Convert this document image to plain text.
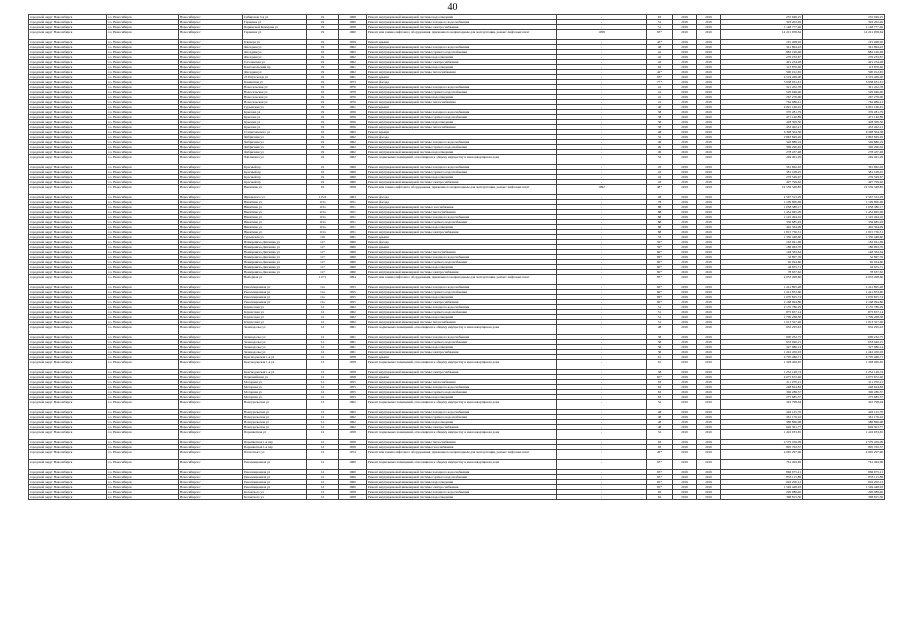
40
городской округ Новосибирск	г.о. Новосибирск	Новосибирск г	Сибирская 5-я ул	19	1968	Ремонт внутридомовой инженерной системы водоотведения	-	63	2019	2019	255 949,25	255 949,25
городской округ Новосибирск	г.о. Новосибирск	Новосибирск г	Гаранина ул	19	1960	Ремонт внутридомовой инженерной системы холодного водоснабжения	-	51	2019	2019	393 202,49	393 202,49
городской округ Новосибирск	г.о. Новосибирск	Новосибирск г	Парижской Коммуны ул	19	1958	Ремонт внутридомовой инженерной системы электроснабжения	-	51	2019	2019	1 148 777,46	1 148 777,46
городской округ Новосибирск	г.о. Новосибирск	Новосибирск г	Гаранина ул	19	1960	Ремонт или замена лифтового оборудования, признанного непригодным для эксплуатации, ремонт лифтовых шахт	1958	63*	2019	2019	14 221 958,64	14 221 958,64
городской округ Новосибирск	г.о. Новосибирск	Новосибирск г	Блюхера ул	19	1959	Ремонт крыши	-	43*	2019	2019	191 408,92	191 408,92
городской округ Новосибирск	г.о. Новосибирск	Новосибирск г	Фасадная ул	19	1962	Ремонт внутридомовой инженерной системы холодного водоснабжения	-	48	2019	2019	341 894,22	341 894,22
городской округ Новосибирск	г.о. Новосибирск	Новосибирск г	Фасадная ул	19	1962	Ремонт внутридомовой инженерной системы горячего водоснабжения	-	42	2019	2019	882 190,48	882 190,48
городской округ Новосибирск	г.о. Новосибирск	Новосибирск г	Фасадная ул	19	1962	Ремонт внутридомовой инженерной системы водоотведения	-	42	2019	2019	276 233,67	276 233,67
городской округ Новосибирск	г.о. Новосибирск	Новосибирск г	Гоголевская ул	19	1962	Ремонт внутридомовой инженерной системы электроснабжения	-	42	2019	2019	491 234,28	491 234,28
городской округ Новосибирск	г.о. Новосибирск	Новосибирск г	Комсомольский пр	19	1961	Ремонт внутридомовой инженерной системы водоотведения	-	63	2019	2019	113 876,40	113 876,40
городской округ Новосибирск	г.о. Новосибирск	Новосибирск г	Фасадная ул	19	1962	Ремонт внутридомовой инженерной системы теплоснабжения	-	42*	2019	2019	590 012,65	590 012,65
городской округ Новосибирск	г.о. Новосибирск	Новосибирск г	25 Партсъезда ул	19	1961	Ремонт крыши	-	63*	2019	2019	4 519 469,00	4 519 469,00
городской округ Новосибирск	г.о. Новосибирск	Новосибирск г	Каменская ул	19	1973	Ремонт фасада	-	77*	2019	2019	3 938 931,61	3 938 931,61
городской округ Новосибирск	г.о. Новосибирск	Новосибирск г	Новосельская ул	19	1970	Ремонт внутридомовой инженерной системы холодного водоснабжения	-	41	2019	2019	321 452,78	321 452,78
городской округ Новосибирск	г.о. Новосибирск	Новосибирск г	Новосельская ул	19	1970	Ремонт внутридомовой инженерной системы горячего водоснабжения	-	41	2019	2019	520 946,00	520 946,00
городской округ Новосибирск	г.о. Новосибирск	Новосибирск г	Новосельская ул	19	1970	Ремонт внутридомовой инженерной системы водоотведения	-	41	2019	2019	267 276,00	267 276,00
городской округ Новосибирск	г.о. Новосибирск	Новосибирск г	Новосельская ул	19	1970	Ремонт внутридомовой инженерной системы теплоснабжения	-	41	2019	2019	762 086,41	762 086,41
городской округ Новосибирск	г.о. Новосибирск	Новосибирск г	Гурьевская ул	19	1961	Ремонт крыши	-	46	2019	2019	4 091 166,45	4 091 166,45
городской округ Новосибирск	г.о. Новосибирск	Новосибирск г	Крылова ул	19	1956	Ремонт внутридомовой инженерной системы холодного водоснабжения	-	58	2019	2019	376 281,79	376 281,79
городской округ Новосибирск	г.о. Новосибирск	Новосибирск г	Крылова ул	19	1956	Ремонт внутридомовой инженерной системы горячего водоснабжения	-	58	2019	2019	471 146,89	471 146,89
городской округ Новосибирск	г.о. Новосибирск	Новосибирск г	Крылова ул	19	1956	Ремонт внутридомовой инженерной системы водоотведения	-	58	2019	2019	428 309,50	428 309,50
городской округ Новосибирск	г.о. Новосибирск	Новосибирск г	Крылова ул	19	1956	Ремонт внутридомовой инженерной системы теплоснабжения	-	58	2019	2019	433 402,21	433 402,21
городской округ Новосибирск	г.о. Новосибирск	Новосибирск г	Станиславского ул	19	1962	Ремонт крыши	-	48	2019	2019	6 398 304,58	6 398 304,58
городской округ Новосибирск	г.о. Новосибирск	Новосибирск г	Фабричная ул	19	1962	Ремонт фасада	-	52	2019	2019	2 863 829,26	2 863 829,26
городской округ Новосибирск	г.о. Новосибирск	Новосибирск г	Фабричная ул	19	1962	Ремонт внутридомовой инженерной системы холодного водоснабжения	-	49	2019	2019	540 886,19	540 886,19
городской округ Новосибирск	г.о. Новосибирск	Новосибирск г	Фабричная ул	19	1962	Ремонт внутридомовой инженерной системы горячего водоснабжения	-	49	2019	2019	306 296,02	306 296,02
городской округ Новосибирск	г.о. Новосибирск	Новосибирск г	Фабричная ул	19	1962	Ремонт внутридомовой инженерной системы водоотведения	-	49	2019	2019	278 437,48	278 437,48
городской округ Новосибирск	г.о. Новосибирск	Новосибирск г	Чаплыгина ул	19	1962	Ремонт подвальных помещений, относящихся к общему имуществу в многоквартирном доме	-	52	2019	2019	249 491,29	249 491,29
городской округ Новосибирск	г.о. Новосибирск	Новосибирск г	Красный пр	19	1960	Ремонт внутридомовой инженерной системы холодного водоснабжения	-	43	2019	2019	361 692,02	361 692,02
городской округ Новосибирск	г.о. Новосибирск	Новосибирск г	Красный пр	19	1960	Ремонт внутридомовой инженерной системы горячего водоснабжения	-	43	2019	2019	381 108,45	381 108,45
городской округ Новосибирск	г.о. Новосибирск	Новосибирск г	Красный пр	19	1960	Ремонт внутридомовой инженерной системы водоотведения	-	43	2019	2019	276 549,67	276 549,67
городской округ Новосибирск	г.о. Новосибирск	Новосибирск г	Красный пр	19	1960	Ремонт внутридомовой инженерной системы электроснабжения	-	43	2019	2019	497 799,62	497 799,62
городской округ Новосибирск	г.о. Новосибирск	Новосибирск г	Никитина ул	19	1958	Ремонт или замена лифтового оборудования, признанного непригодным для эксплуатации, ремонт лифтовых шахт	1992	48*	2019	2019	19 539 348,85	19 539 348,85
городской округ Новосибирск	г.о. Новосибирск	Новосибирск г	Жуковского ул	115/2	1963	Ремонт фасада	-	48	2019	2019	2 567 313,29	2 567 313,29
городской округ Новосибирск	г.о. Новосибирск	Новосибирск г	Никитина ул	115а	1951	Ремонт фасада	-	78	2019	2019	1 109 800,69	1 109 800,69
городской округ Новосибирск	г.о. Новосибирск	Новосибирск г	Никитина ул	115а	1951	Ремонт внутридомовой инженерной системы газоснабжения	-	88	2019	2019	1 058 380,17	1 058 380,17
городской округ Новосибирск	г.о. Новосибирск	Новосибирск г	Никитина ул	115а	1951	Ремонт внутридомовой инженерной системы теплоснабжения	-	88	2019	2019	1 452 665,09	1 452 665,09
городской округ Новосибирск	г.о. Новосибирск	Новосибирск г	Никитина ул	115а	1951	Ремонт внутридомовой инженерной системы холодного водоснабжения	-	88	2019	2019	1 145 494,10	1 145 494,10
городской округ Новосибирск	г.о. Новосибирск	Новосибирск г	Никитина ул	115а	1951	Ремонт внутридомовой инженерной системы горячего водоснабжения	-	88	2019	2019	336 685,93	336 685,93
городской округ Новосибирск	г.о. Новосибирск	Новосибирск г	Никитина ул	115а	1951	Ремонт внутридомовой инженерной системы водоотведения	-	88	2019	2019	492 364,09	492 364,09
городской округ Новосибирск	г.о. Новосибирск	Новосибирск г	Никитина ул	115а	1951	Ремонт внутридомовой инженерной системы электроснабжения	-	88	2019	2019	1 815 736,31	1 815 736,31
городской округ Новосибирск	г.о. Новосибирск	Новосибирск г	Гурьевская ул	116	1961	Ремонт крыши	-	55	2019	2019	1 350 448,60	1 350 448,60
городской округ Новосибирск	г.о. Новосибирск	Новосибирск г	Немировича-Данченко ул	117	1960	Ремонт фасада	-	59*	2019	2019	162 941,69	162 941,69
городской округ Новосибирск	г.о. Новосибирск	Новосибирск г	Немировича-Данченко ул	117	1960	Ремонт крыши	-	59*	2019	2019	186 063,76	186 063,76
городской округ Новосибирск	г.о. Новосибирск	Новосибирск г	Немировича-Данченко ул	117	1960	Ремонт внутридомовой инженерной системы теплоснабжения	-	60*	2019	2019	148 363,64	148 363,64
городской округ Новосибирск	г.о. Новосибирск	Новосибирск г	Немировича-Данченко ул	117	1960	Ремонт внутридомовой инженерной системы холодного водоснабжения	-	60*	2019	2019	52 897,76	52 897,76
городской округ Новосибирск	г.о. Новосибирск	Новосибирск г	Немировича-Данченко ул	117	1960	Ремонт внутридомовой инженерной системы горячего водоснабжения	-	60*	2019	2019	65 024,60	65 024,60
городской округ Новосибирск	г.о. Новосибирск	Новосибирск г	Немировича-Данченко ул	117	1960	Ремонт внутридомовой инженерной системы водоотведения	-	60*	2019	2019	44 655,71	44 655,71
городской округ Новосибирск	г.о. Новосибирск	Новосибирск г	Немировича-Данченко ул	117	1960	Ремонт внутридомовой инженерной системы электроснабжения	-	60*	2019	2019	78 637,62	78 637,62
городской округ Новосибирск	г.о. Новосибирск	Новосибирск г	Выборная ул	117/1	1994	Ремонт или замена лифтового оборудования, признанного непригодным для эксплуатации, ремонт лифтовых шахт	-	85*	2019	2019	4 033 498,66	4 033 498,66
городской округ Новосибирск	г.о. Новосибирск	Новосибирск г	Революционная ул	11а	1955	Ремонт внутридомовой инженерной системы холодного водоснабжения	-	60*	2019	2019	1 241 895,48	1 241 895,48
городской округ Новосибирск	г.о. Новосибирск	Новосибирск г	Революционная ул	11а	1955	Ремонт внутридомовой инженерной системы горячего водоснабжения	-	60*	2019	2019	1 241 853,60	1 241 853,60
городской округ Новосибирск	г.о. Новосибирск	Новосибирск г	Революционная ул	11а	1955	Ремонт внутридомовой инженерной системы водоотведения	-	60*	2019	2019	1 070 825,74	1 070 825,74
городской округ Новосибирск	г.о. Новосибирск	Новосибирск г	Революционная ул	11а	1955	Ремонт внутридомовой инженерной системы электроснабжения	-	60*	2019	2019	2 168 994,86	2 168 994,86
городской округ Новосибирск	г.о. Новосибирск	Новосибирск г	Каунасская ул	12	1962	Ремонт внутридомовой инженерной системы холодного водоснабжения	-	51	2019	2019	2 135 786,29	2 135 786,29
городской округ Новосибирск	г.о. Новосибирск	Новосибирск г	Каунасская ул	12	1962	Ремонт внутридомовой инженерной системы горячего водоснабжения	-	51	2019	2019	875 657,14	875 657,14
городской округ Новосибирск	г.о. Новосибирск	Новосибирск г	Каунасская ул	12	1962	Ремонт внутридомовой инженерной системы водоотведения	-	51	2019	2019	1 709 268,36	1 709 268,36
городской округ Новосибирск	г.о. Новосибирск	Новосибирск г	Каунасская ул	12	1962	Ремонт внутридомовой инженерной системы теплоснабжения	-	51	2019	2019	1 013 327,46	1 013 327,46
городской округ Новосибирск	г.о. Новосибирск	Новосибирск г	Зеленодолье ул	12	1961	Ремонт подвальных помещений, относящихся к общему имуществу в многоквартирном доме	-	48	2019	2019	932 295,43	932 295,43
городской округ Новосибирск	г.о. Новосибирск	Новосибирск г	Зеленодолье ул	12	1961	Ремонт внутридомовой инженерной системы холодного водоснабжения	-	58	2019	2019	600 232,75	600 232,75
городской округ Новосибирск	г.о. Новосибирск	Новосибирск г	Зеленодолье ул	12	1961	Ремонт внутридомовой инженерной системы горячего водоснабжения	-	58	2019	2019	633 040,15	633 040,15
городской округ Новосибирск	г.о. Новосибирск	Новосибирск г	Зеленодолье ул	12	1961	Ремонт внутридомовой инженерной системы водоотведения	-	58	2019	2019	327 086,14	327 086,14
городской округ Новосибирск	г.о. Новосибирск	Новосибирск г	Зеленодолье ул	12	1961	Ремонт внутридомовой инженерной системы электроснабжения	-	58	2019	2019	1 242 450,03	1 242 450,03
городской округ Новосибирск	г.о. Новосибирск	Новосибирск г	Краснодонская 1-я ул	12	1958	Ремонт крыши	-	61	2019	2019	4 705 466,71	4 705 466,71
городской округ Новосибирск	г.о. Новосибирск	Новосибирск г	Краснодонская 1-я ул	12	1958	Ремонт подвальных помещений, относящихся к общему имуществу в многоквартирном доме	-	61	2019	2019	1 328 406,65	1 328 406,65
городской округ Новосибирск	г.о. Новосибирск	Новосибирск г	Краснодонская 1-я ул	12	1958	Ремонт внутридомовой инженерной системы электроснабжения	-	58	2019	2019	1 252 148,74	1 252 148,74
городской округ Новосибирск	г.о. Новосибирск	Новосибирск г	Первомайская ул	12	1958	Ремонт крыши	-	65*	2019	2019	4 075 672,46	4 075 672,46
городской округ Новосибирск	г.о. Новосибирск	Новосибирск г	Моторная ул	12	1955	Ремонт внутридомовой инженерной системы теплоснабжения	-	63	2019	2019	311 070,15	311 070,15
городской округ Новосибирск	г.о. Новосибирск	Новосибирск г	Моторная ул	12	1955	Ремонт внутридомовой инженерной системы холодного водоснабжения	-	63	2019	2019	248 624,83	248 624,83
городской округ Новосибирск	г.о. Новосибирск	Новосибирск г	Моторная ул	12	1955	Ремонт внутридомовой инженерной системы горячего водоснабжения	-	63	2019	2019	306 286,57	306 286,57
городской округ Новосибирск	г.о. Новосибирск	Новосибирск г	Моторная ул	12	1955	Ремонт внутридомовой инженерной системы водоотведения	-	63	2019	2019	275 685,37	275 685,37
городской округ Новосибирск	г.о. Новосибирск	Новосибирск г	Новоуральская ул	12	1962	Ремонт подвальных помещений, относящихся к общему имуществу в многоквартирном доме	-	52	2019	2019	345 798,04	345 798,04
городской округ Новосибирск	г.о. Новосибирск	Новосибирск г	Новоуральская ул	12	1962	Ремонт внутридомовой инженерной системы холодного водоснабжения	-	48	2019	2019	426 125,76	426 125,76
городской округ Новосибирск	г.о. Новосибирск	Новосибирск г	Новоуральская ул	12	1962	Ремонт внутридомовой инженерной системы горячего водоснабжения	-	48	2019	2019	361 176,22	361 176,22
городской округ Новосибирск	г.о. Новосибирск	Новосибирск г	Новоуральская ул	12	1962	Ремонт внутридомовой инженерной системы водоотведения	-	48	2019	2019	380 866,98	380 866,98
городской округ Новосибирск	г.о. Новосибирск	Новосибирск г	Новоуральская ул	12	1962	Ремонт внутридомовой инженерной системы электроснабжения	-	48	2019	2019	626 301,77	626 301,77
городской округ Новосибирск	г.о. Новосибирск	Новосибирск г	Парашютная ул	12	1958	Ремонт подвальных помещений, относящихся к общему имуществу в многоквартирном доме	-	52	2019	2019	1 416 933,65	1 416 933,65
городской округ Новосибирск	г.о. Новосибирск	Новосибирск г	Парашютная 1-я пер	12	1958	Ремонт внутридомовой инженерной системы теплоснабжения	-	63	2019	2019	2 579 459,09	2 579 459,09
городской округ Новосибирск	г.о. Новосибирск	Новосибирск г	Парашютная 1-я пер	12	1958	Ремонт внутридомовой инженерной системы газоснабжения	-	63	2019	2019	895 702,37	895 702,37
городской округ Новосибирск	г.о. Новосибирск	Новосибирск г	Плахотного ул	12	1974	Ремонт или замена лифтового оборудования, признанного непригодным для эксплуатации, ремонт лифтовых шахт	-	49*	2019	2019	4 065 297,96	4 065 297,96
городской округ Новосибирск	г.о. Новосибирск	Новосибирск г	Революционная ул	12	1960	Ремонт подвальных помещений, относящихся к общему имуществу в многоквартирном доме	-	65*	2019	2019	761 494,69	761 494,69
городской округ Новосибирск	г.о. Новосибирск	Новосибирск г	Революционная ул	12	1960	Ремонт внутридомовой инженерной системы холодного водоснабжения	-	65*	2019	2019	866 975,21	866 975,21
городской округ Новосибирск	г.о. Новосибирск	Новосибирск г	Революционная ул	12	1960	Ремонт внутридомовой инженерной системы горячего водоснабжения	-	65*	2019	2019	833 115,89	833 115,89
городской округ Новосибирск	г.о. Новосибирск	Новосибирск г	Революционная ул	12	1960	Ремонт внутридомовой инженерной системы водоотведения	-	65*	2019	2019	692 200,12	692 200,12
городской округ Новосибирск	г.о. Новосибирск	Новосибирск г	Революционная ул	12	1960	Ремонт внутридомовой инженерной системы электроснабжения	-	65*	2019	2019	1 549 448,93	1 549 448,93
городской округ Новосибирск	г.о. Новосибирск	Новосибирск г	Котовского ул	12	1958	Ремонт внутридомовой инженерной системы холодного водоснабжения	-	62	2019	2019	290 089,40	290 089,40
городской округ Новосибирск	г.о. Новосибирск	Новосибирск г	Котовского ул	12	1958	Ремонт внутридомовой инженерной системы водоотведения	-	62	2019	2019	398 815,30	398 815,30
